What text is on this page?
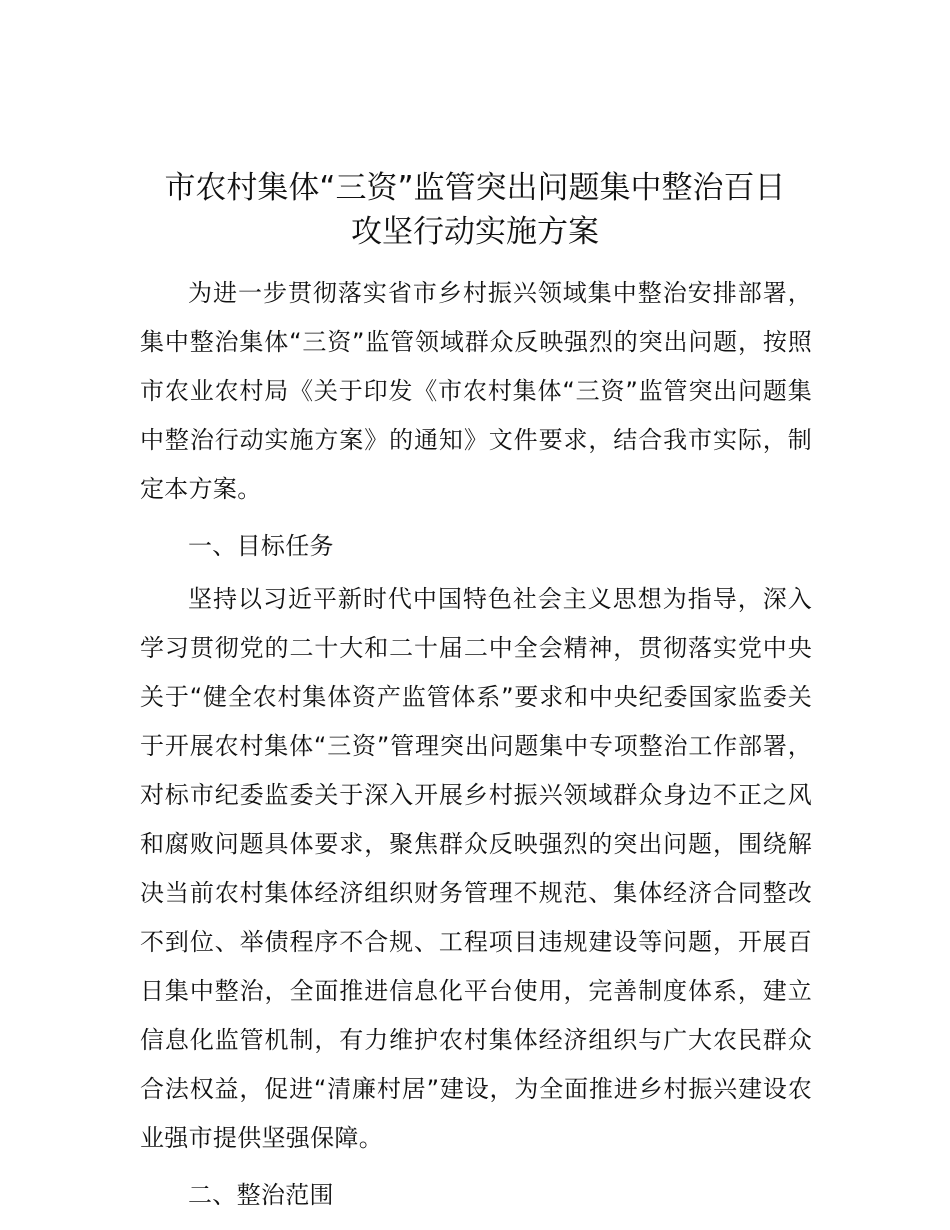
市农村集体“三资”监管突出问题集中整治百日
攻坚行动实施方案

为进一步贯彻落实省市乡村振兴领域集中整治安排部署，集中整治集体“三资”监管领域群众反映强烈的突出问题，按照市农业农村局《关于印发《市农村集体“三资”监管突出问题集中整治行动实施方案》的通知》文件要求，结合我市实际，制定本方案。

一、目标任务

坚持以习近平新时代中国特色社会主义思想为指导，深入学习贯彻党的二十大和二十届二中全会精神，贯彻落实党中央关于“健全农村集体资产监管体系”要求和中央纪委国家监委关于开展农村集体“三资”管理突出问题集中专项整治工作部署，对标市纪委监委关于深入开展乡村振兴领域群众身边不正之风和腐败问题具体要求，聚焦群众反映强烈的突出问题，围绕解决当前农村集体经济组织财务管理不规范、集体经济合同整改不到位、举债程序不合规、工程项目违规建设等问题，开展百日集中整治，全面推进信息化平台使用，完善制度体系，建立信息化监管机制，有力维护农村集体经济组织与广大农民群众合法权益，促进“清廉村居”建设，为全面推进乡村振兴建设农业强市提供坚强保障。

二、整治范围
